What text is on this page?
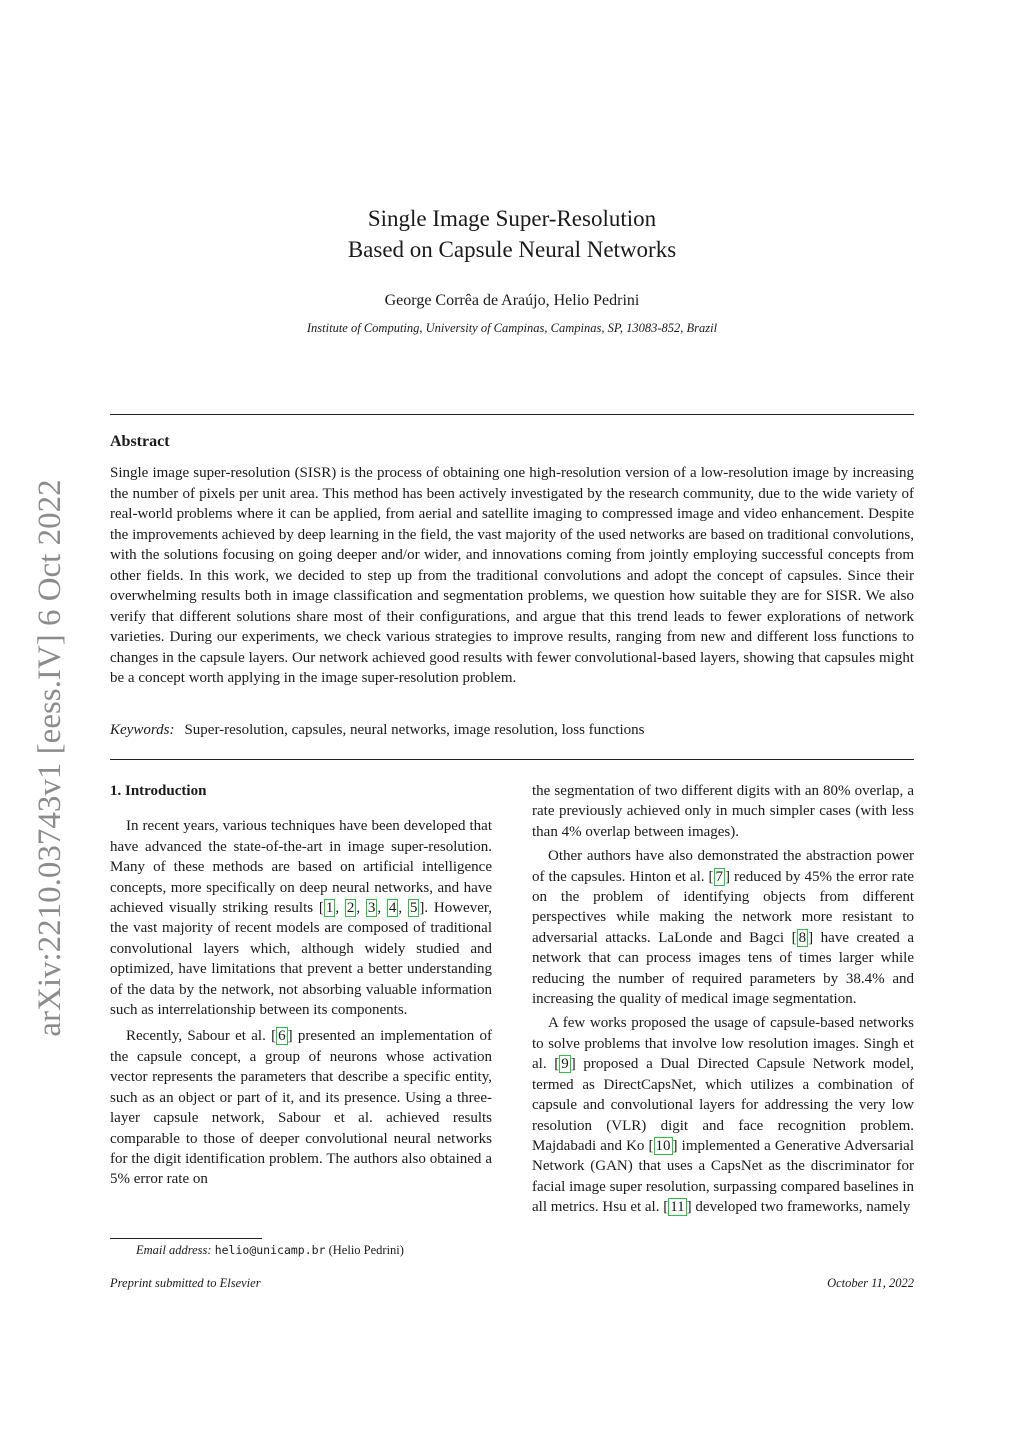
arXiv:2210.03743v1 [eess.IV] 6 Oct 2022
Single Image Super-Resolution
Based on Capsule Neural Networks
George Corrêa de Araújo, Helio Pedrini
Institute of Computing, University of Campinas, Campinas, SP, 13083-852, Brazil
Abstract
Single image super-resolution (SISR) is the process of obtaining one high-resolution version of a low-resolution image by increasing the number of pixels per unit area. This method has been actively investigated by the research community, due to the wide variety of real-world problems where it can be applied, from aerial and satellite imaging to compressed image and video enhancement. Despite the improvements achieved by deep learning in the field, the vast majority of the used networks are based on traditional convolutions, with the solutions focusing on going deeper and/or wider, and innovations coming from jointly employing successful concepts from other fields. In this work, we decided to step up from the traditional convolutions and adopt the concept of capsules. Since their overwhelming results both in image classification and segmentation problems, we question how suitable they are for SISR. We also verify that different solutions share most of their configurations, and argue that this trend leads to fewer explorations of network varieties. During our experiments, we check various strategies to improve results, ranging from new and different loss functions to changes in the capsule layers. Our network achieved good results with fewer convolutional-based layers, showing that capsules might be a concept worth applying in the image super-resolution problem.
Keywords: Super-resolution, capsules, neural networks, image resolution, loss functions
1. Introduction

In recent years, various techniques have been developed that have advanced the state-of-the-art in image super-resolution. Many of these methods are based on artificial intelligence concepts, more specifically on deep neural networks, and have achieved visually striking results [ 1 , 2 , 3 , 4 , 5 ]. However, the vast majority of recent models are composed of traditional convolutional layers which, although widely studied and optimized, have limitations that prevent a better understanding of the data by the network, not absorbing valuable information such as interrelationship between its components.

Recently, Sabour et al. [ 6 ] presented an implementation of the capsule concept, a group of neurons whose activation vector represents the parameters that describe a specific entity, such as an object or part of it, and its presence. Using a three-layer capsule network, Sabour et al. achieved results comparable to those of deeper convolutional neural networks for the digit identification problem. The authors also obtained a 5% error rate on

the segmentation of two different digits with an 80% overlap, a rate previously achieved only in much simpler cases (with less than 4% overlap between images).

Other authors have also demonstrated the abstraction power of the capsules. Hinton et al. [ 7 ] reduced by 45% the error rate on the problem of identifying objects from different perspectives while making the network more resistant to adversarial attacks. LaLonde and Bagci [ 8 ] have created a network that can process images tens of times larger while reducing the number of required parameters by 38.4% and increasing the quality of medical image segmentation.

A few works proposed the usage of capsule-based networks to solve problems that involve low resolution images. Singh et al. [ 9 ] proposed a Dual Directed Capsule Network model, termed as DirectCapsNet, which utilizes a combination of capsule and convolutional layers for addressing the very low resolution (VLR) digit and face recognition problem. Majdabadi and Ko [ 10 ] implemented a Generative Adversarial Network (GAN) that uses a CapsNet as the discriminator for facial image super resolution, surpassing compared baselines in all metrics. Hsu et al. [ 11 ] developed two frameworks, namely

Email address: helio@unicamp.br (Helio Pedrini)
Preprint submitted to Elsevier	October 11, 2022
